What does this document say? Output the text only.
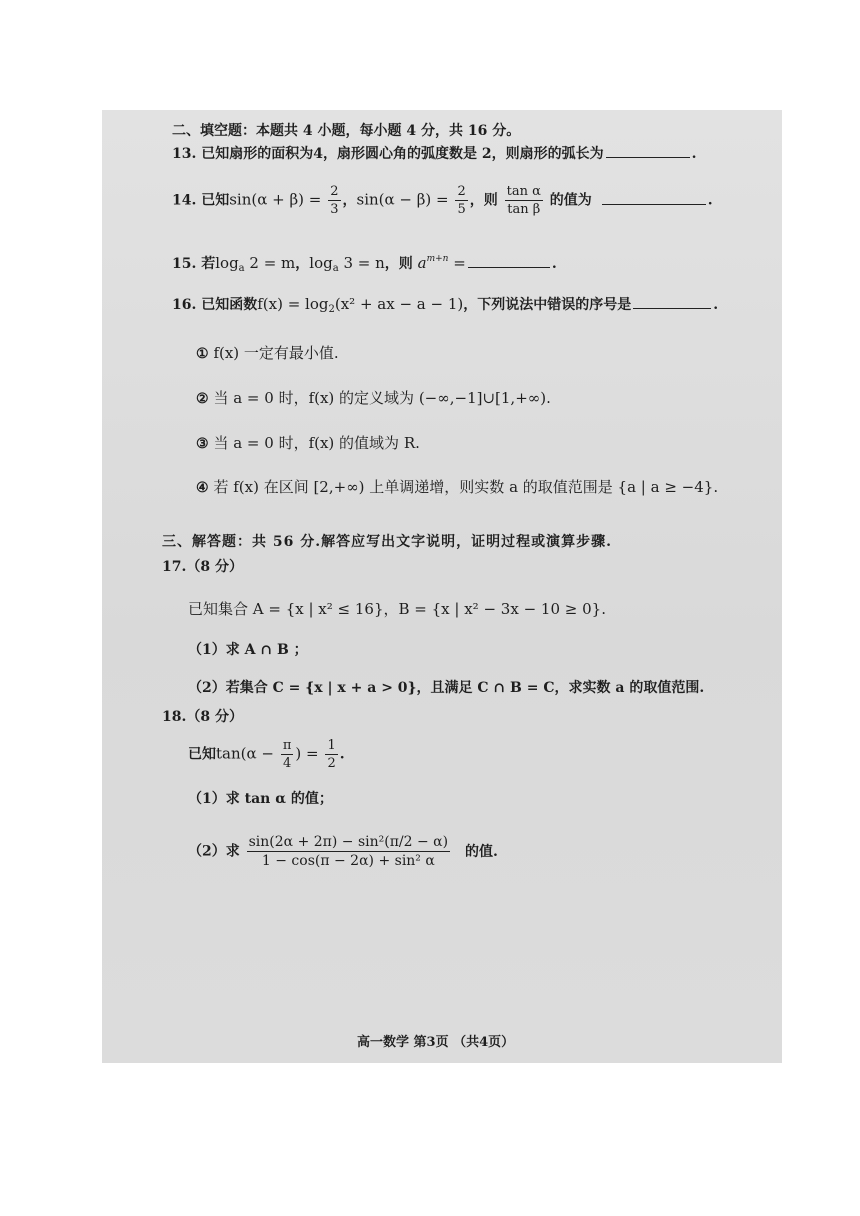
二、填空题：本题共 4 小题，每小题 4 分，共 16 分。
13. 已知扇形的面积为4，扇形圆心角的弧度数是 2，则扇形的弧长为	.
14. 已知$\sin(\alpha + \beta) = \frac{2}{3}$ ，$\sin(\alpha - \beta) = \frac{2}{5}$ ，则 $\frac{\text{tan α}}{\text{tan β}}$ 的值为	.
15. 若$\log_a 2 = m$，$\log_a 3 = n$，则 $a^{m+n}$ =	.
16. 已知函数$f(x) = \log_2(x^2$ + ax − a − 1)，下列说法中错误的序号是	.
① f(x) 一定有最小值.
② 当 a = 0 时，f(x) 的定义域为 (−∞,−1]∪[1,+∞).
③ 当 a = 0 时，f(x) 的值域为 R.
④ 若 f(x) 在区间 [2,+∞) 上单调递增，则实数 a 的取值范围是 {a | a ≥ −4}.
三、解答题：共 56 分.解答应写出文字说明，证明过程或演算步骤.
17.（8 分）
已知集合 A = {x | x² ≤ 16}，B = {x | x² − 3x − 10 ≥ 0}.
（1）求 A ∩ B ；
（2）若集合 C = {x | x + a > 0}，且满足 C ∩ B = C，求实数 a 的取值范围.
18.（8 分）
已知$\tan(\alpha - \frac{\pi}{4}$ ) = $\frac{1}{2}$ .
（1）求 tan α 的值；
（2）求 $\frac{\text{sin(2α + 2π) − sin²(π/2 − α)}}{\text{1 − cos(π − 2α) + sin² α}}$ 的值.
高一数学 第3页 （共4页）
